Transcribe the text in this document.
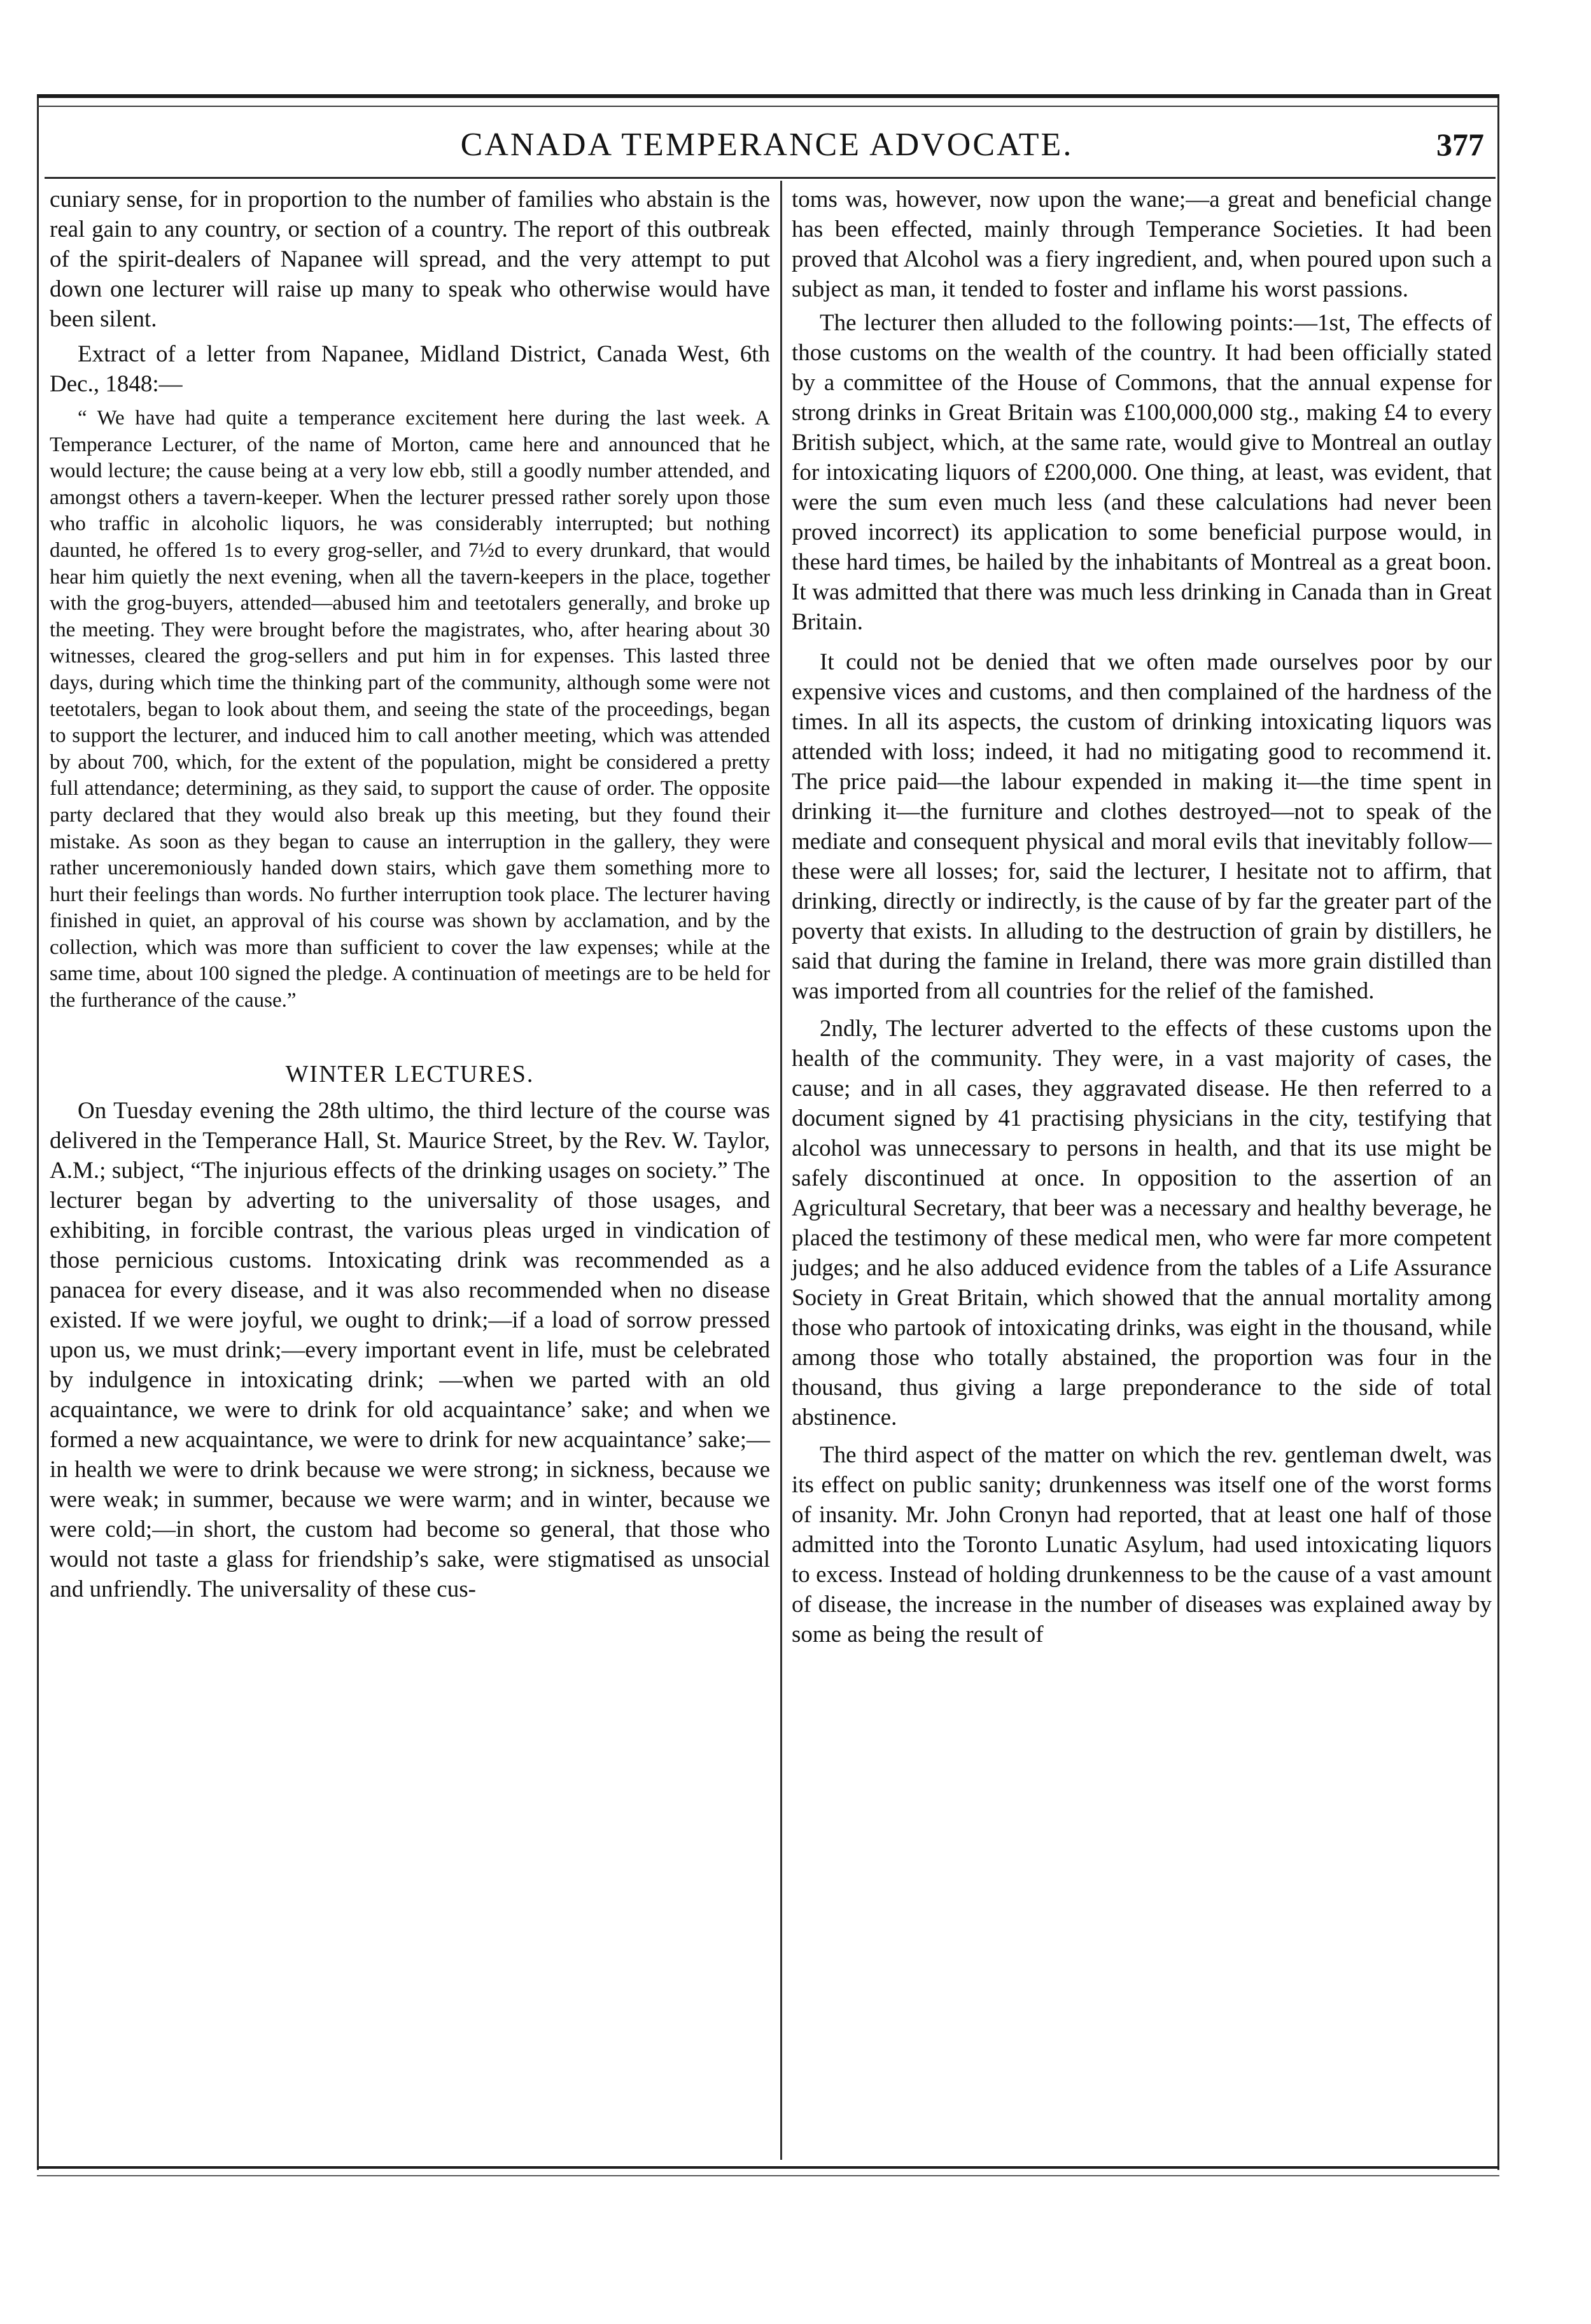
CANADA TEMPERANCE ADVOCATE.	377

cuniary sense, for in proportion to the number of families who abstain is the real gain to any country, or section of a country. The report of this outbreak of the spirit-dealers of Napanee will spread, and the very attempt to put down one lecturer will raise up many to speak who otherwise would have been silent.

Extract of a letter from Napanee, Midland District, Canada West, 6th Dec., 1848:—

“ We have had quite a temperance excitement here during the last week. A Temperance Lecturer, of the name of Morton, came here and announced that he would lecture; the cause being at a very low ebb, still a goodly number attended, and amongst others a tavern-keeper. When the lecturer pressed rather sorely upon those who traffic in alcoholic liquors, he was considerably interrupted; but nothing daunted, he offered 1s to every grog-seller, and 7½d to every drunkard, that would hear him quietly the next evening, when all the tavern-keepers in the place, together with the grog-buyers, attended—abused him and teetotalers generally, and broke up the meeting. They were brought before the magistrates, who, after hearing about 30 witnesses, cleared the grog-sellers and put him in for expenses. This lasted three days, during which time the thinking part of the community, although some were not teetotalers, began to look about them, and seeing the state of the proceedings, began to support the lecturer, and induced him to call another meeting, which was attended by about 700, which, for the extent of the population, might be considered a pretty full attendance; determining, as they said, to support the cause of order. The opposite party declared that they would also break up this meeting, but they found their mistake. As soon as they began to cause an interruption in the gallery, they were rather unceremoniously handed down stairs, which gave them something more to hurt their feelings than words. No further interruption took place. The lecturer having finished in quiet, an approval of his course was shown by acclamation, and by the collection, which was more than sufficient to cover the law expenses; while at the same time, about 100 signed the pledge. A continuation of meetings are to be held for the furtherance of the cause.”

WINTER LECTURES.

On Tuesday evening the 28th ultimo, the third lecture of the course was delivered in the Temperance Hall, St. Maurice Street, by the Rev. W. Taylor, A.M.; subject, “The injurious effects of the drinking usages on society.” The lecturer began by adverting to the universality of those usages, and exhibiting, in forcible contrast, the various pleas urged in vindication of those pernicious customs. Intoxicating drink was recommended as a panacea for every disease, and it was also recommended when no disease existed. If we were joyful, we ought to drink;—if a load of sorrow pressed upon us, we must drink;—every important event in life, must be celebrated by indulgence in intoxicating drink; —when we parted with an old acquaintance, we were to drink for old acquaintance’ sake; and when we formed a new acquaintance, we were to drink for new acquaintance’ sake;—in health we were to drink because we were strong; in sickness, because we were weak; in summer, because we were warm; and in winter, because we were cold;—in short, the custom had become so general, that those who would not taste a glass for friendship’s sake, were stigmatised as unsocial and unfriendly. The universality of these cus-

toms was, however, now upon the wane;—a great and beneficial change has been effected, mainly through Temperance Societies. It had been proved that Alcohol was a fiery ingredient, and, when poured upon such a subject as man, it tended to foster and inflame his worst passions.

The lecturer then alluded to the following points:—1st, The effects of those customs on the wealth of the country. It had been officially stated by a committee of the House of Commons, that the annual expense for strong drinks in Great Britain was £100,000,000 stg., making £4 to every British subject, which, at the same rate, would give to Montreal an outlay for intoxicating liquors of £200,000. One thing, at least, was evident, that were the sum even much less (and these calculations had never been proved incorrect) its application to some beneficial purpose would, in these hard times, be hailed by the inhabitants of Montreal as a great boon. It was admitted that there was much less drinking in Canada than in Great Britain.

It could not be denied that we often made ourselves poor by our expensive vices and customs, and then complained of the hardness of the times. In all its aspects, the custom of drinking intoxicating liquors was attended with loss; indeed, it had no mitigating good to recommend it. The price paid—the labour expended in making it—the time spent in drinking it—the furniture and clothes destroyed—not to speak of the mediate and consequent physical and moral evils that inevitably follow—these were all losses; for, said the lecturer, I hesitate not to affirm, that drinking, directly or indirectly, is the cause of by far the greater part of the poverty that exists. In alluding to the destruction of grain by distillers, he said that during the famine in Ireland, there was more grain distilled than was imported from all countries for the relief of the famished.

2ndly, The lecturer adverted to the effects of these customs upon the health of the community. They were, in a vast majority of cases, the cause; and in all cases, they aggravated disease. He then referred to a document signed by 41 practising physicians in the city, testifying that alcohol was unnecessary to persons in health, and that its use might be safely discontinued at once. In opposition to the assertion of an Agricultural Secretary, that beer was a necessary and healthy beverage, he placed the testimony of these medical men, who were far more competent judges; and he also adduced evidence from the tables of a Life Assurance Society in Great Britain, which showed that the annual mortality among those who partook of intoxicating drinks, was eight in the thousand, while among those who totally abstained, the proportion was four in the thousand, thus giving a large preponderance to the side of total abstinence.

The third aspect of the matter on which the rev. gentleman dwelt, was its effect on public sanity; drunkenness was itself one of the worst forms of insanity. Mr. John Cronyn had reported, that at least one half of those admitted into the Toronto Lunatic Asylum, had used intoxicating liquors to excess. Instead of holding drunkenness to be the cause of a vast amount of disease, the increase in the number of diseases was explained away by some as being the result of
